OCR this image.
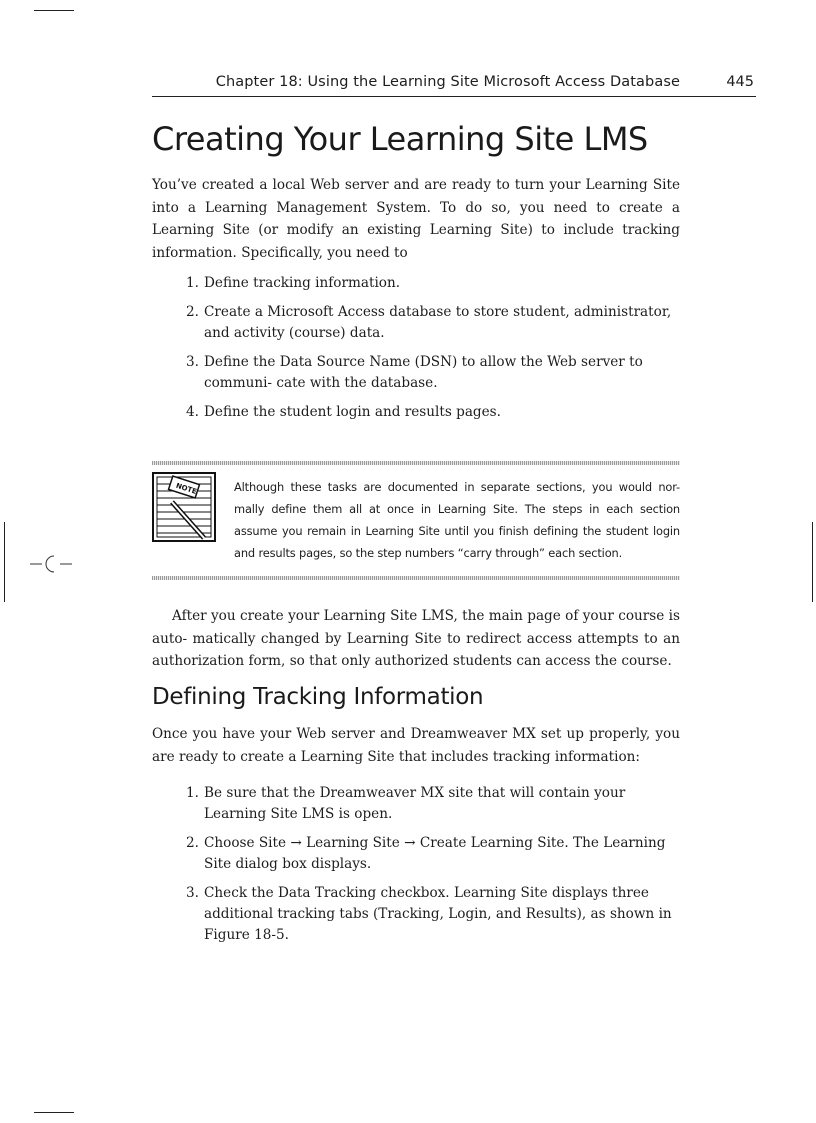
Chapter 18: Using the Learning Site Microsoft Access Database	445
Creating Your Learning Site LMS

You’ve created a local Web server and are ready to turn your Learning Site into a Learning Management System. To do so, you need to create a Learning Site (or modify an existing Learning Site) to include tracking information. Specifically, you need to

1. Define tracking information.
2. Create a Microsoft Access database to store student, administrator, and activity (course) data.
3. Define the Data Source Name (DSN) to allow the Web server to communi- cate with the database.
4. Define the student login and results pages.
NOTE	Although these tasks are documented in separate sections, you would nor- mally define them all at once in Learning Site. The steps in each section assume you remain in Learning Site until you finish defining the student login and results pages, so the step numbers “carry through” each section.

After you create your Learning Site LMS, the main page of your course is auto- matically changed by Learning Site to redirect access attempts to an authorization form, so that only authorized students can access the course.

Defining Tracking Information

Once you have your Web server and Dreamweaver MX set up properly, you are ready to create a Learning Site that includes tracking information:

1. Be sure that the Dreamweaver MX site that will contain your Learning Site LMS is open.
2. Choose Site → Learning Site → Create Learning Site. The Learning Site dialog box displays.
3. Check the Data Tracking checkbox. Learning Site displays three additional tracking tabs (Tracking, Login, and Results), as shown in Figure 18-5.
